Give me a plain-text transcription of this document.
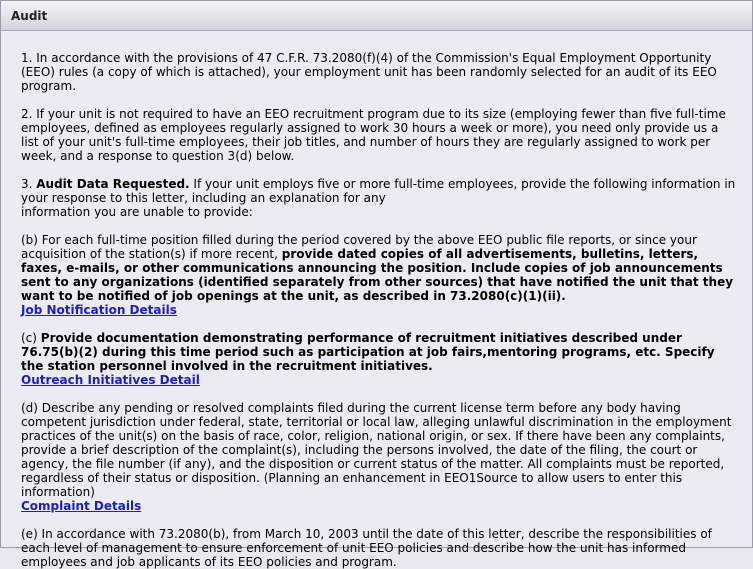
Audit

1. In accordance with the provisions of 47 C.F.R. 73.2080(f)(4) of the Commission's Equal Employment Opportunity (EEO) rules (a copy of which is attached), your employment unit has been randomly selected for an audit of its EEO program.

2. If your unit is not required to have an EEO recruitment program due to its size (employing fewer than five full-time employees, defined as employees regularly assigned to work 30 hours a week or more), you need only provide us a list of your unit's full-time employees, their job titles, and number of hours they are regularly assigned to work per week, and a response to question 3(d) below.

3. Audit Data Requested. If your unit employs five or more full-time employees, provide the following information in your response to this letter, including an explanation for any
information you are unable to provide:

(b) For each full-time position filled during the period covered by the above EEO public file reports, or since your acquisition of the station(s) if more recent, provide dated copies of all advertisements, bulletins, letters, faxes, e-mails, or other communications announcing the position. Include copies of job announcements sent to any organizations (identified separately from other sources) that have notified the unit that they want to be notified of job openings at the unit, as described in 73.2080(c)(1)(ii).
Job Notification Details

(c) Provide documentation demonstrating performance of recruitment initiatives described under 76.75(b)(2) during this time period such as participation at job fairs,mentoring programs, etc. Specify the station personnel involved in the recruitment initiatives.
Outreach Initiatives Detail

(d) Describe any pending or resolved complaints filed during the current license term before any body having competent jurisdiction under federal, state, territorial or local law, alleging unlawful discrimination in the employment practices of the unit(s) on the basis of race, color, religion, national origin, or sex. If there have been any complaints, provide a brief description of the complaint(s), including the persons involved, the date of the filing, the court or agency, the file number (if any), and the disposition or current status of the matter. All complaints must be reported, regardless of their status or disposition. (Planning an enhancement in EEO1Source to allow users to enter this information)
Complaint Details

(e) In accordance with 73.2080(b), from March 10, 2003 until the date of this letter, describe the responsibilities of each level of management to ensure enforcement of unit EEO policies and describe how the unit has informed employees and job applicants of its EEO policies and program.
